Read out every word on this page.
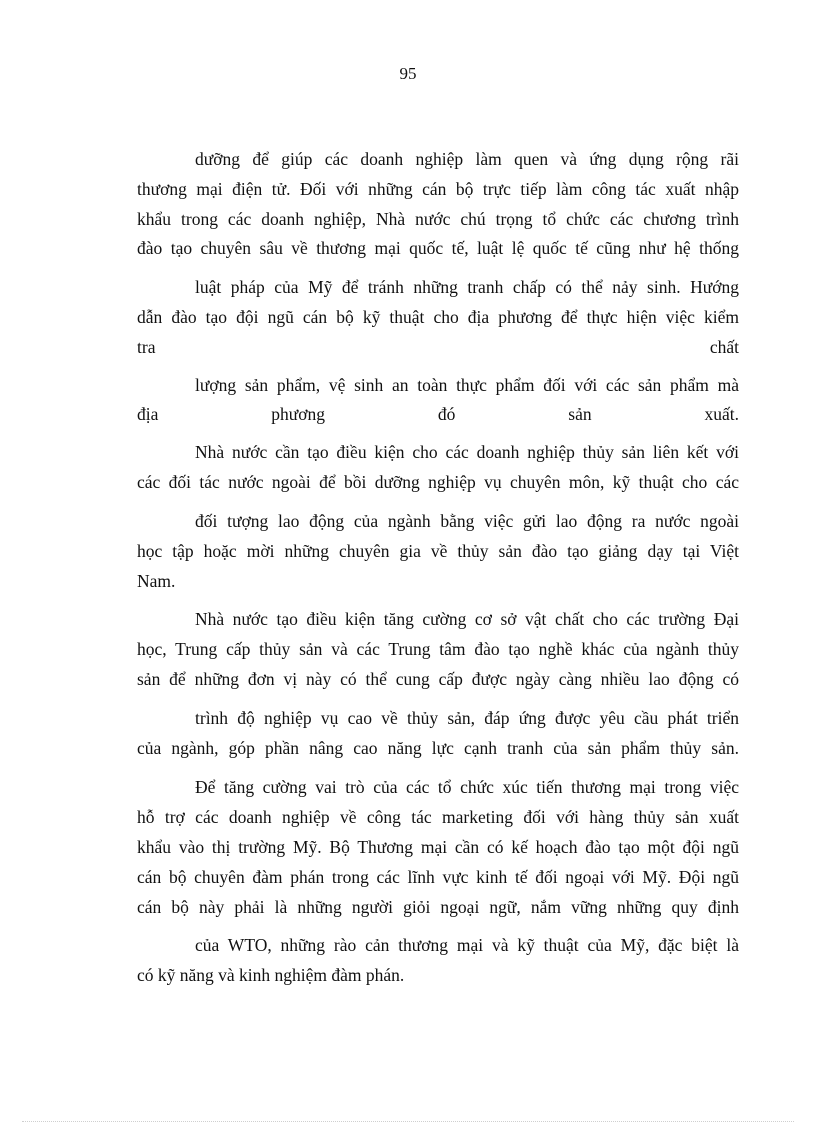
95
dưỡng để giúp các doanh nghiệp làm quen và ứng dụng rộng rãi
thương mại điện tử. Đối với những cán bộ trực tiếp làm công tác xuất nhập
khẩu trong các doanh nghiệp, Nhà nước chú trọng tổ chức các chương trình
đào tạo chuyên sâu về thương mại quốc tế, luật lệ quốc tế cũng như hệ thống
luật pháp của Mỹ để tránh những tranh chấp có thể nảy sinh. Hướng
dẫn đào tạo đội ngũ cán bộ kỹ thuật cho địa phương để thực hiện việc kiểm
tra chất
lượng sản phẩm, vệ sinh an toàn thực phẩm đối với các sản phẩm mà
địa phương đó sản xuất.
Nhà nước cần tạo điều kiện cho các doanh nghiệp thủy sản liên kết với
các đối tác nước ngoài để bồi dưỡng nghiệp vụ chuyên môn, kỹ thuật cho các
đối tượng lao động của ngành bằng việc gửi lao động ra nước ngoài
học tập hoặc mời những chuyên gia về thủy sản đào tạo giảng dạy tại Việt
Nam.
Nhà nước tạo điều kiện tăng cường cơ sở vật chất cho các trường Đại
học, Trung cấp thủy sản và các Trung tâm đào tạo nghề khác của ngành thủy
sản để những đơn vị này có thể cung cấp được ngày càng nhiều lao động có
trình độ nghiệp vụ cao về thủy sản, đáp ứng được yêu cầu phát triển
của ngành, góp phần nâng cao năng lực cạnh tranh của sản phẩm thủy sản.
Để tăng cường vai trò của các tổ chức xúc tiến thương mại trong việc
hỗ trợ các doanh nghiệp về công tác marketing đối với hàng thủy sản xuất
khẩu vào thị trường Mỹ. Bộ Thương mại cần có kế hoạch đào tạo một đội ngũ
cán bộ chuyên đàm phán trong các lĩnh vực kinh tế đối ngoại với Mỹ. Đội ngũ
cán bộ này phải là những người giỏi ngoại ngữ, nắm vững những quy định
của WTO, những rào cản thương mại và kỹ thuật của Mỹ, đặc biệt là
có kỹ năng và kinh nghiệm đàm phán.
